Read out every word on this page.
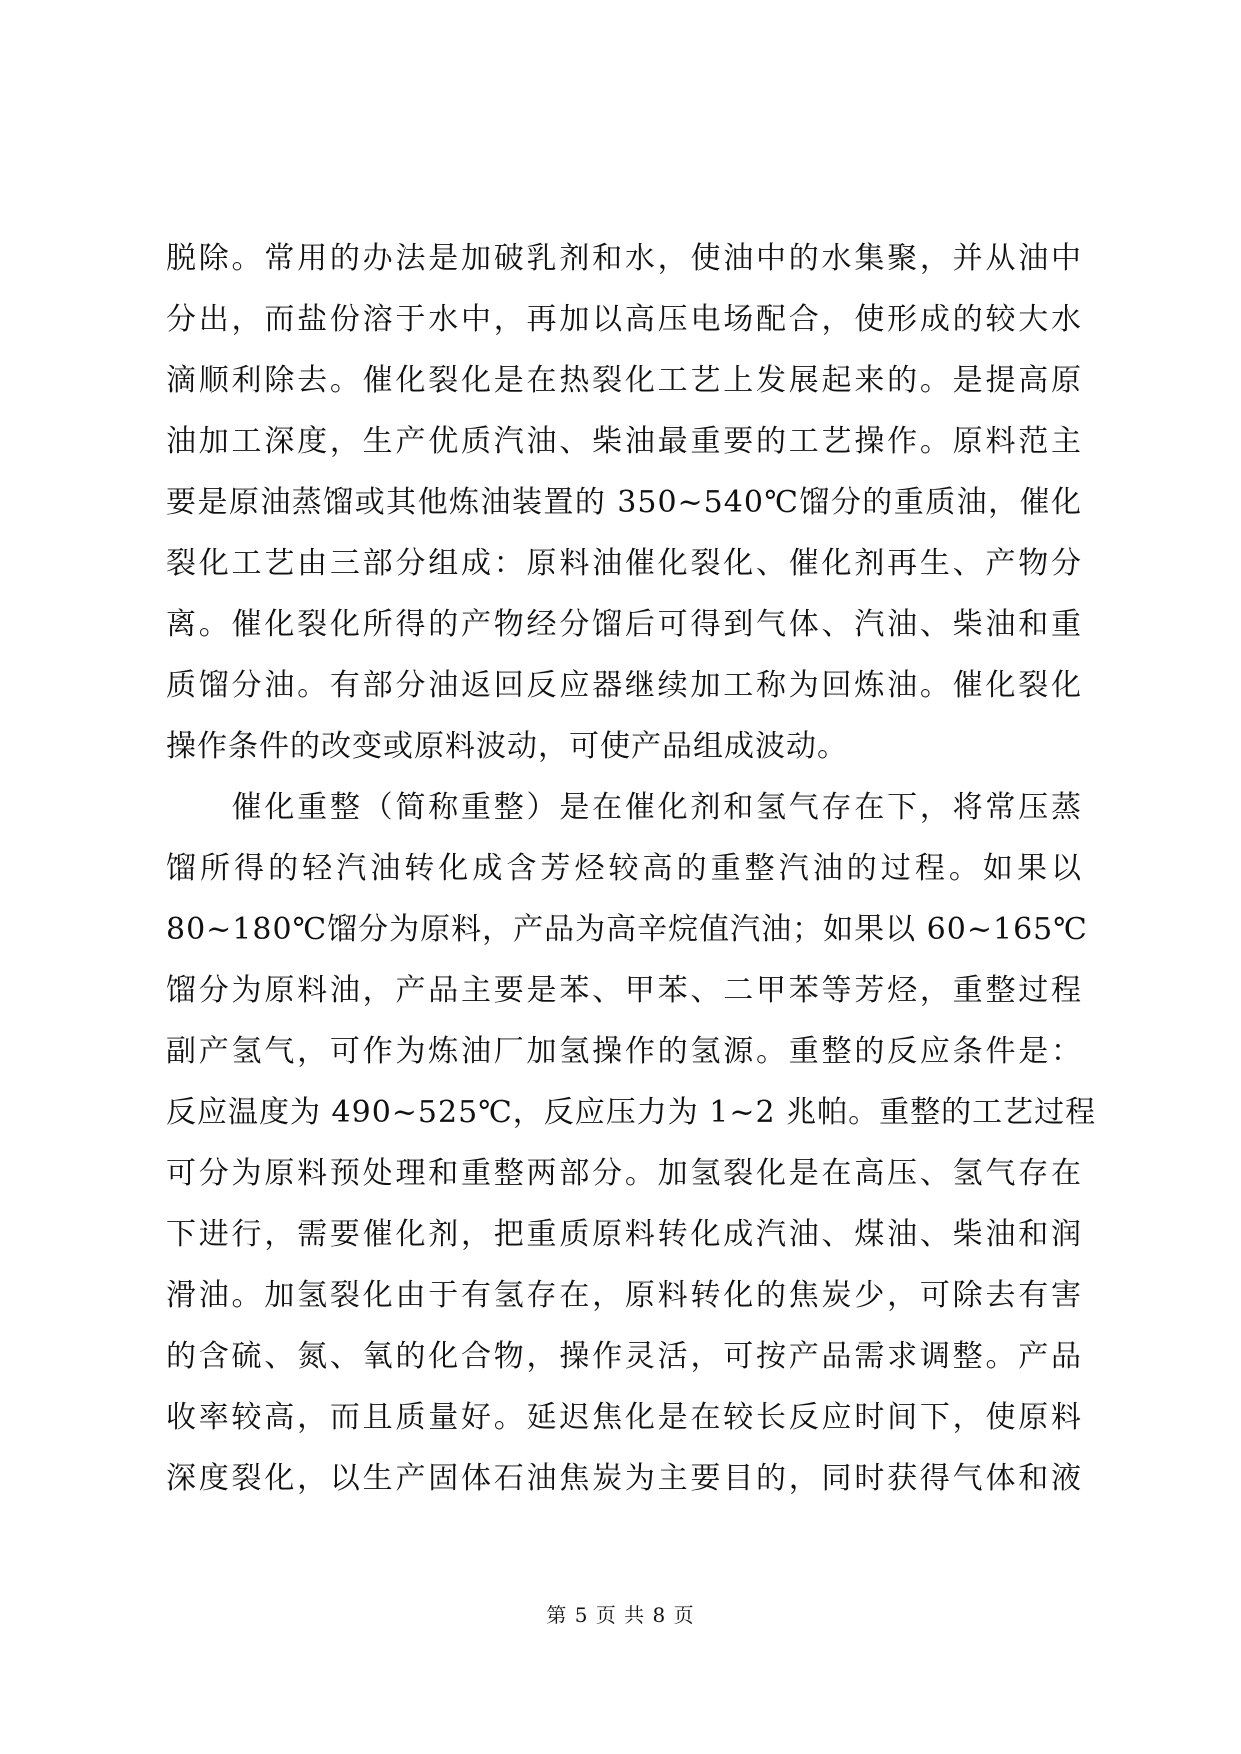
脱除。常用的办法是加破乳剂和水，使油中的水集聚，并从油中
分出，而盐份溶于水中，再加以高压电场配合，使形成的较大水
滴顺利除去。催化裂化是在热裂化工艺上发展起来的。是提高原
油加工深度，生产优质汽油、柴油最重要的工艺操作。原料范主
要是原油蒸馏或其他炼油装置的 350~540℃馏分的重质油，催化
裂化工艺由三部分组成：原料油催化裂化、催化剂再生、产物分
离。催化裂化所得的产物经分馏后可得到气体、汽油、柴油和重
质馏分油。有部分油返回反应器继续加工称为回炼油。催化裂化
操作条件的改变或原料波动，可使产品组成波动。
　　催化重整（简称重整）是在催化剂和氢气存在下，将常压蒸
馏所得的轻汽油转化成含芳烃较高的重整汽油的过程。如果以
80~180℃馏分为原料，产品为高辛烷值汽油；如果以 60~165℃
馏分为原料油，产品主要是苯、甲苯、二甲苯等芳烃，重整过程
副产氢气，可作为炼油厂加氢操作的氢源。重整的反应条件是：
反应温度为 490~525℃，反应压力为 1~2 兆帕。重整的工艺过程
可分为原料预处理和重整两部分。加氢裂化是在高压、氢气存在
下进行，需要催化剂，把重质原料转化成汽油、煤油、柴油和润
滑油。加氢裂化由于有氢存在，原料转化的焦炭少，可除去有害
的含硫、氮、氧的化合物，操作灵活，可按产品需求调整。产品
收率较高，而且质量好。延迟焦化是在较长反应时间下，使原料
深度裂化，以生产固体石油焦炭为主要目的，同时获得气体和液
第 5 页 共 8 页
